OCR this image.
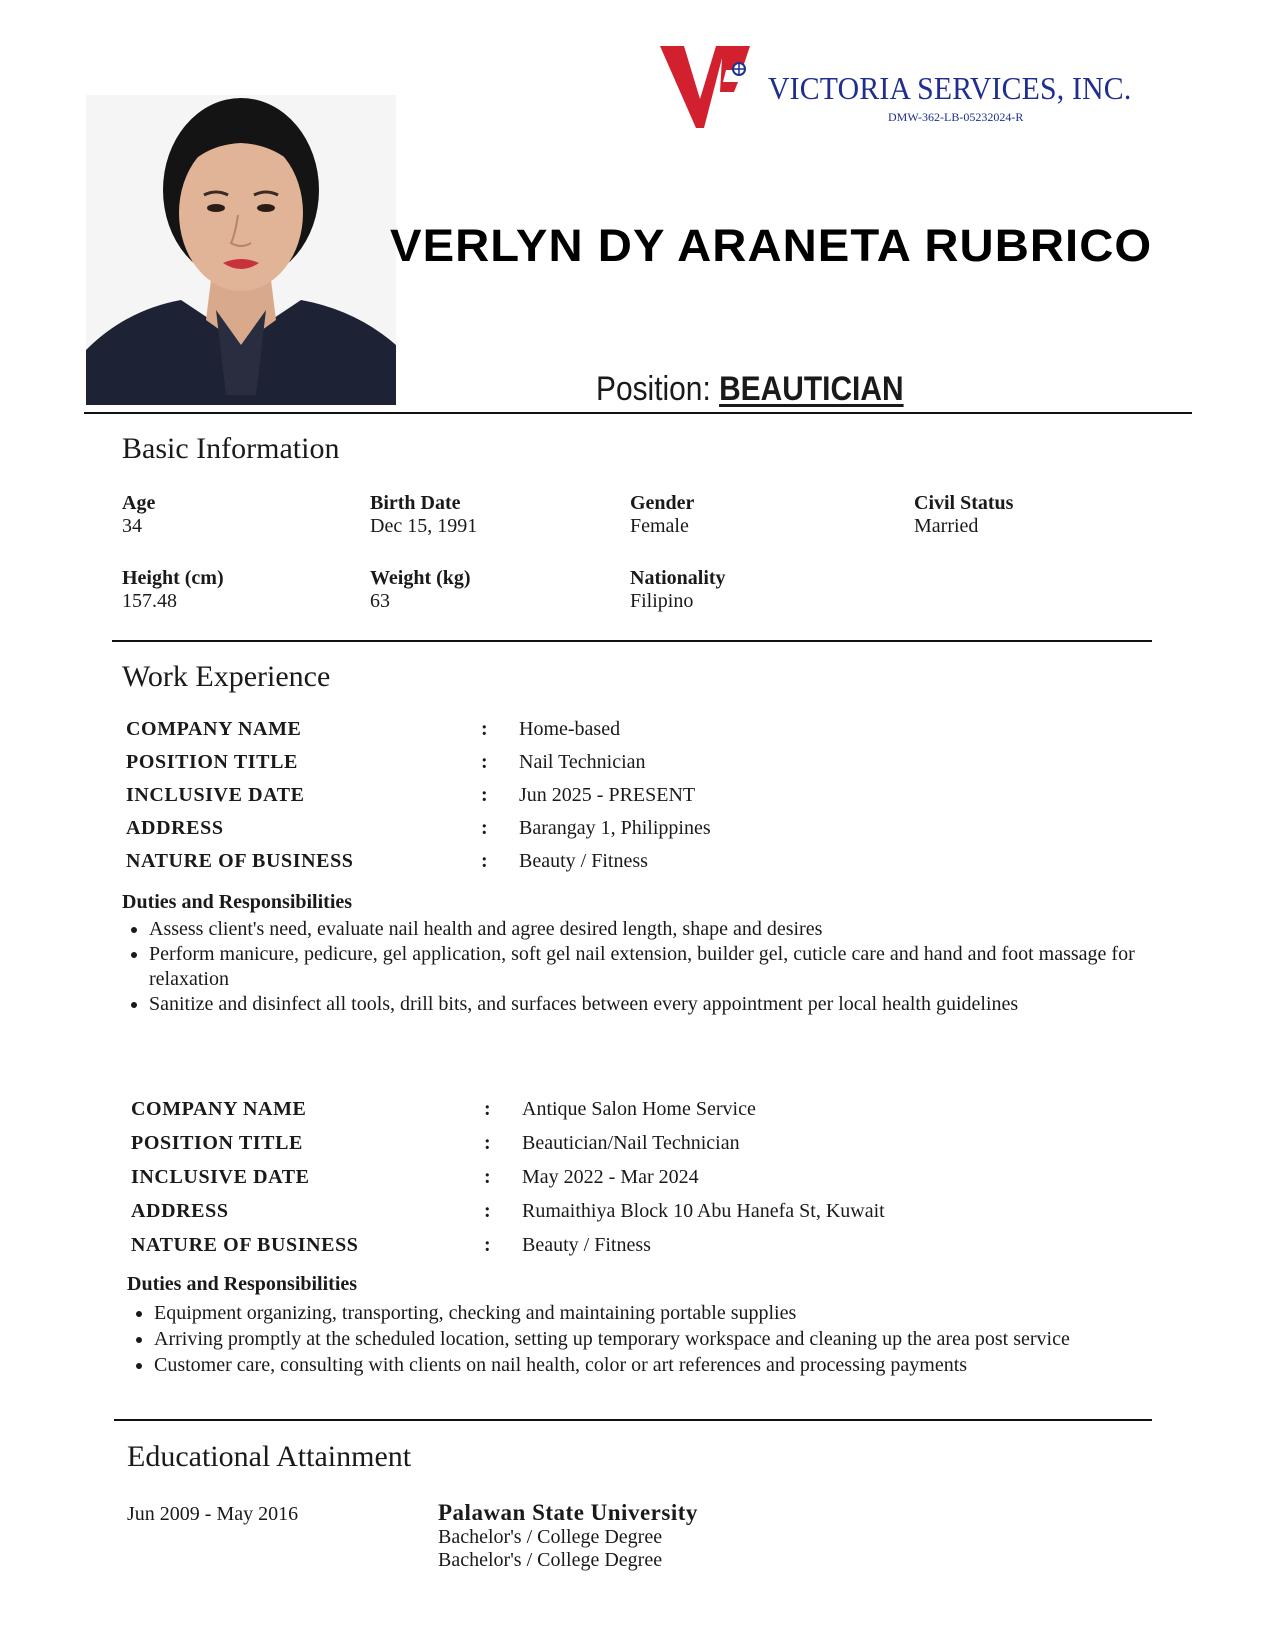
VICTORIA SERVICES, INC.
DMW-362-LB-05232024-R
VERLYN DY ARANETA RUBRICO
Position: BEAUTICIAN
Basic Information
Age
34
Birth Date
Dec 15, 1991
Gender
Female
Civil Status
Married
Height (cm)
157.48
Weight (kg)
63
Nationality
Filipino
Work Experience
COMPANY NAME	: Home-based
POSITION TITLE	: Nail Technician
INCLUSIVE DATE	: Jun 2025 - PRESENT
ADDRESS	: Barangay 1, Philippines
NATURE OF BUSINESS	: Beauty / Fitness
Duties and Responsibilities
• Assess client's need, evaluate nail health and agree desired length, shape and desires
• Perform manicure, pedicure, gel application, soft gel nail extension, builder gel, cuticle care and hand and foot massage for relaxation
• Sanitize and disinfect all tools, drill bits, and surfaces between every appointment per local health guidelines
COMPANY NAME	: Antique Salon Home Service
POSITION TITLE	: Beautician/Nail Technician
INCLUSIVE DATE	: May 2022 - Mar 2024
ADDRESS	: Rumaithiya Block 10 Abu Hanefa St, Kuwait
NATURE OF BUSINESS	: Beauty / Fitness
Duties and Responsibilities
• Equipment organizing, transporting, checking and maintaining portable supplies
• Arriving promptly at the scheduled location, setting up temporary workspace and cleaning up the area post service
• Customer care, consulting with clients on nail health, color or art references and processing payments
Educational Attainment
Jun 2009 - May 2016	Palawan State University
Bachelor's / College Degree
Bachelor's / College Degree
